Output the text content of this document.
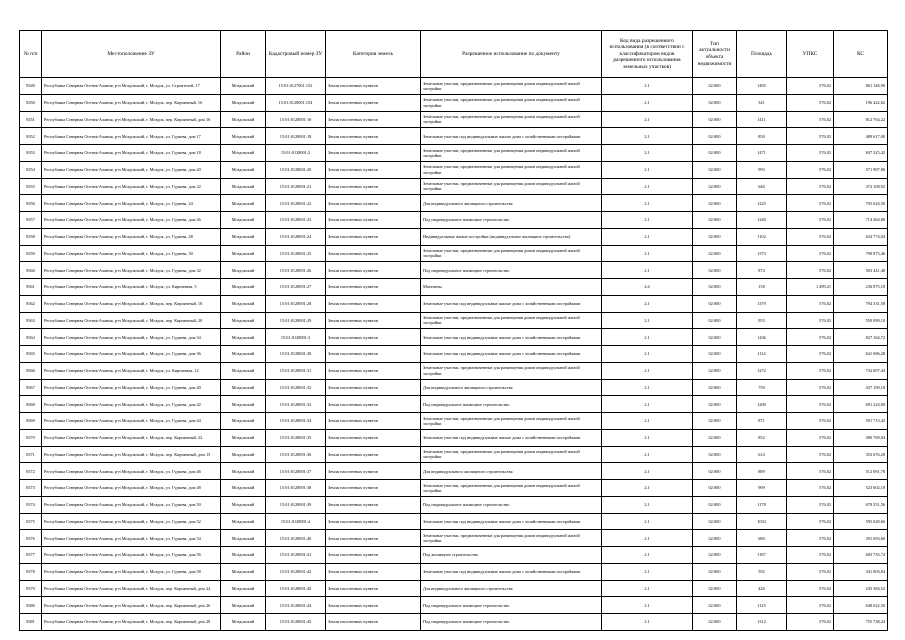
№ п/п	Местоположение ЗУ	Район	Кадастровый номер ЗУ	Категория земель	Разрешенное использование по документу	Код вида разрешенного использования (в соответствии с классификатором видов разрешенного использования земельных участков)	Тип актуальности объекта недвижимости	Площадь	УПКС	КС

8349	Республика Северная Осетия-Алания, р-н Моздокский, г. Моздок, ул. Строителей, 17	Моздокский	15:01:0127001:152	Земли населенных пунктов	Земельные участки, предназначенные для размещения домов индивидуальной жилой застройки	2.1	02:000	1495	576,02	861 146,90

8350	Республика Северная Осетия-Алания, р-н Моздокский, г. Моздок, пер. Кирпичный, 16	Моздокский	15:01:0128001:154	Земли населенных пунктов	Земельные участки, предназначенные для размещения домов индивидуальной жилой застройки	2.1	02:000	341	576,02	196 422,82

8351	Республика Северная Осетия-Алания, р-н Моздокский, г. Моздок, пер. Кирпичный, дом 16	Моздокский	15:01:0128001:16	Земли населенных пунктов	Земельные участки, предназначенные для размещения домов индивидуальной жилой застройки	2.1	02:000	1411	576,02	812 764,22

8352	Республика Северная Осетия-Алания, р-н Моздокский, г. Моздок, ул. Гурьева, дом 17	Моздокский	15:01:0128001:18	Земли населенных пунктов	Земельные участки под индивидуальные жилые дома с хозяйственными постройками	2.1	02:000	850	576,02	489 617,00

8353	Республика Северная Осетия-Алания, р-н Моздокский, г. Моздок, ул. Гурьева, дом 18	Моздокский	15:01:0128001:2	Земли населенных пунктов	Земельные участки, предназначенные для размещения домов индивидуальной жилой застройки	2.1	02:000	1471	576,02	847 325,42

8354	Республика Северная Осетия-Алания, р-н Моздокский, г. Моздок, ул. Гурьева, дом 20	Моздокский	15:01:0128001:20	Земли населенных пунктов	Земельные участки, предназначенные для размещения домов индивидуальной жилой застройки	2.1	02:000	993	576,02	571 987,86

8355	Республика Северная Осетия-Алания, р-н Моздокский, г. Моздок, ул. Гурьева, дом 22	Моздокский	15:01:0128001:21	Земли населенных пунктов	Земельные участки, предназначенные для размещения домов индивидуальной жилой застройки	2.1	02:000	646	576,02	372 108,92

8356	Республика Северная Осетия-Алания, р-н Моздокский, г. Моздок, ул. Гурьева, 24	Моздокский	15:01:0128001:22	Земли населенных пунктов	Для индивидуального жилищного строительства	2.1	02:000	1225	576,02	705 624,50

8357	Республика Северная Осетия-Алания, р-н Моздокский, г. Моздок, ул. Гурьева, дом 26	Моздокский	15:01:0128001:23	Земли населенных пунктов	Под индивидуальное жилищное строительство	2.1	02:000	1240	576,02	714 264,80

8358	Республика Северная Осетия-Алания, р-н Моздокский, г. Моздок, ул. Гурьева, 28	Моздокский	15:01:0128001:24	Земли населенных пунктов	Индивидуальные жилые постройки (индивидуальное жилищное строительство)	2.1	02:000	1102	576,02	634 774,04

8359	Республика Северная Осетия-Алания, р-н Моздокский, г. Моздок, ул. Гурьева, 30	Моздокский	15:01:0128001:25	Земли населенных пунктов	Земельные участки, предназначенные для размещения домов индивидуальной жилой застройки	2.1	02:000	1373	576,02	790 875,46

8360	Республика Северная Осетия-Алания, р-н Моздокский, г. Моздок, ул. Гурьева, дом 32	Моздокский	15:01:0128001:26	Земли населенных пунктов	Под индивидуальное жилищное строительство	2.1	02:000	874	576,02	503 441,48

8361	Республика Северная Осетия-Алания, р-н Моздокский, г. Моздок, ул. Кирпичная, 5	Моздокский	15:01:0128001:27	Земли населенных пунктов	Магазины	4.4	02:000	158	1 499,21	236 875,18

8362	Республика Северная Осетия-Алания, р-н Моздокский, г. Моздок, пер. Кирпичный, 18	Моздокский	15:01:0128001:28	Земли населенных пунктов	Земельные участки под индивидуальные жилые дома с хозяйственными постройками	2.1	02:000	1379	576,02	794 331,58

8363	Республика Северная Осетия-Алания, р-н Моздокский, г. Моздок, пер. Кирпичный, 20	Моздокский	15:01:0128001:29	Земли населенных пунктов	Земельные участки, предназначенные для размещения домов индивидуальной жилой застройки	2.1	02:000	955	576,02	550 099,10

8364	Республика Северная Осетия-Алания, р-н Моздокский, г. Моздок, ул. Гурьева, дом 34	Моздокский	15:01:0128001:3	Земли населенных пунктов	Земельные участки под индивидуальные жилые дома с хозяйственными постройками	2.1	02:000	1436	576,02	827 164,72

8365	Республика Северная Осетия-Алания, р-н Моздокский, г. Моздок, ул. Гурьева, дом 36	Моздокский	15:01:0128001:30	Земли населенных пунктов	Земельные участки под индивидуальные жилые дома с хозяйственными постройками	2.1	02:000	1114	576,02	641 686,28

8366	Республика Северная Осетия-Алания, р-н Моздокский, г. Моздок, ул. Кирпичная, 12	Моздокский	15:01:0128001:31	Земли населенных пунктов	Земельные участки, предназначенные для размещения домов индивидуальной жилой застройки	2.1	02:000	1272	576,02	732 697,44

8367	Республика Северная Осетия-Алания, р-н Моздокский, г. Моздок, ул. Гурьева, дом 40	Моздокский	15:01:0128001:32	Земли населенных пунктов	Для индивидуального жилищного строительства	2.1	02:000	759	576,02	437 199,18

8368	Республика Северная Осетия-Алания, р-н Моздокский, г. Моздок, ул. Гурьева, дом 42	Моздокский	15:01:0128001:33	Земли населенных пунктов	Под индивидуальное жилищное строительство	2.1	02:000	1200	576,02	691 224,00

8369	Республика Северная Осетия-Алания, р-н Моздокский, г. Моздок, ул. Гурьева, дом 44	Моздокский	15:01:0128001:34	Земли населенных пунктов	Земельные участки, предназначенные для размещения домов индивидуальной жилой застройки	2.1	02:000	871	576,02	501 713,42

8370	Республика Северная Осетия-Алания, р-н Моздокский, г. Моздок, пер. Кирпичный, 22	Моздокский	15:01:0128001:35	Земли населенных пунктов	Земельные участки под индивидуальные жилые дома с хозяйственными постройками	2.1	02:000	852	576,02	490 769,04

8371	Республика Северная Осетия-Алания, р-н Моздокский, г. Моздок, пер. Кирпичный, дом 15	Моздокский	15:01:0128001:36	Земли населенных пунктов	Земельные участки, предназначенные для размещения домов индивидуальной жилой застройки	2.1	02:000	614	576,02	353 676,28

8372	Республика Северная Осетия-Алания, р-н Моздокский, г. Моздок, ул. Гурьева, дом 46	Моздокский	15:01:0128001:37	Земли населенных пунктов	Для индивидуального жилищного строительства	2.1	02:000	889	576,02	512 081,78

8373	Республика Северная Осетия-Алания, р-н Моздокский, г. Моздок, ул. Гурьева, дом 48	Моздокский	15:01:0128001:38	Земли населенных пунктов	Земельные участки, предназначенные для размещения домов индивидуальной жилой застройки	2.1	02:000	909	576,02	523 602,18

8374	Республика Северная Осетия-Алания, р-н Моздокский, г. Моздок, ул. Гурьева, дом 50	Моздокский	15:01:0128001:39	Земли населенных пунктов	Под индивидуальное жилищное строительство	2.1	02:000	1178	576,02	678 551,56

8375	Республика Северная Осетия-Алания, р-н Моздокский, г. Моздок, ул. Гурьева, дом 52	Моздокский	15:01:0128001:4	Земли населенных пунктов	Земельные участки под индивидуальные жилые дома с хозяйственными постройками	2.1	02:000	1033	576,02	595 028,66

8376	Республика Северная Осетия-Алания, р-н Моздокский, г. Моздок, ул. Гурьева, дом 54	Моздокский	15:01:0128001:40	Земли населенных пунктов	Земельные участки, предназначенные для размещения домов индивидуальной жилой застройки	2.1	02:000	680	576,02	391 693,60

8377	Республика Северная Осетия-Алания, р-н Моздокский, г. Моздок, ул. Гурьева, дом 56	Моздокский	15:01:0128001:41	Земли населенных пунктов	Под жилищное строительство	2.1	02:000	1187	576,02	683 735,74

8378	Республика Северная Осетия-Алания, р-н Моздокский, г. Моздок, ул. Гурьева, дом 58	Моздокский	15:01:0128001:42	Земли населенных пунктов	Земельные участки под индивидуальные жилые дома с хозяйственными постройками	2.1	02:000	592	576,02	341 003,84

8379	Республика Северная Осетия-Алания, р-н Моздокский, г. Моздок, пер. Кирпичный, дом 24	Моздокский	15:01:0128001:43	Земли населенных пунктов	Для индивидуального жилищного строительства	2.1	02:000	426	576,02	245 384,52

8380	Республика Северная Осетия-Алания, р-н Моздокский, г. Моздок, пер. Кирпичный, дом 26	Моздокский	15:01:0128001:44	Земли населенных пунктов	Под индивидуальное жилищное строительство	2.1	02:000	1125	576,02	648 022,50

8381	Республика Северная Осетия-Алания, р-н Моздокский, г. Моздок, пер. Кирпичный, дом 28	Моздокский	15:01:0128001:45	Земли населенных пунктов	Под индивидуальное жилищное строительство	2.1	02:000	1312	576,02	755 738,24
